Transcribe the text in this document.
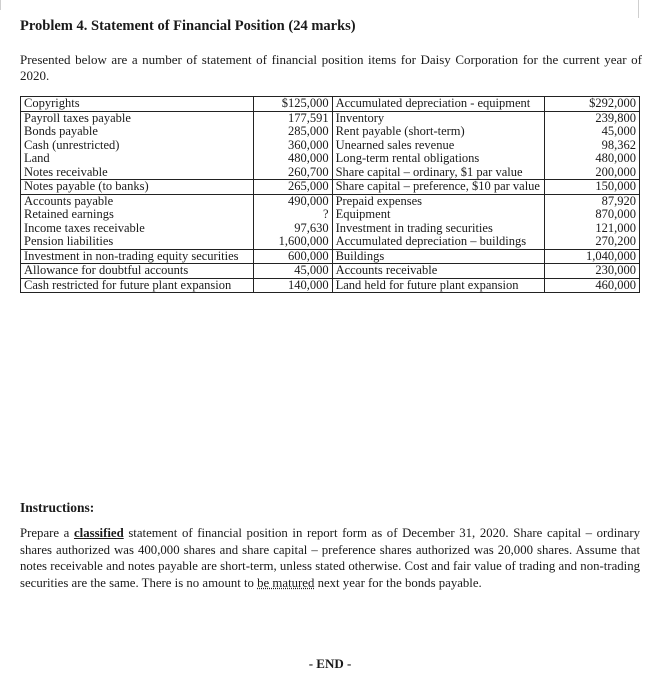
Problem 4. Statement of Financial Position (24 marks)
Presented below are a number of statement of financial position items for Daisy Corporation for the current year of 2020.
Copyrights	$125,000	Accumulated depreciation - equipment	$292,000
Payroll taxes payable	177,591	Inventory	239,800
Bonds payable	285,000	Rent payable (short-term)	45,000
Cash (unrestricted)	360,000	Unearned sales revenue	98,362
Land	480,000	Long-term rental obligations	480,000
Notes receivable	260,700	Share capital – ordinary, $1 par value	200,000
Notes payable (to banks)	265,000	Share capital – preference, $10 par value	150,000
Accounts payable	490,000	Prepaid expenses	87,920
Retained earnings	?	Equipment	870,000
Income taxes receivable	97,630	Investment in trading securities	121,000
Pension liabilities	1,600,000	Accumulated depreciation – buildings	270,200
Investment in non-trading equity securities	600,000	Buildings	1,040,000
Allowance for doubtful accounts	45,000	Accounts receivable	230,000
Cash restricted for future plant expansion	140,000	Land held for future plant expansion	460,000
Instructions:
Prepare a classified statement of financial position in report form as of December 31, 2020. Share capital – ordinary shares authorized was 400,000 shares and share capital – preference shares authorized was 20,000 shares. Assume that notes receivable and notes payable are short-term, unless stated otherwise. Cost and fair value of trading and non-trading securities are the same. There is no amount to be matured next year for the bonds payable.
- END -
